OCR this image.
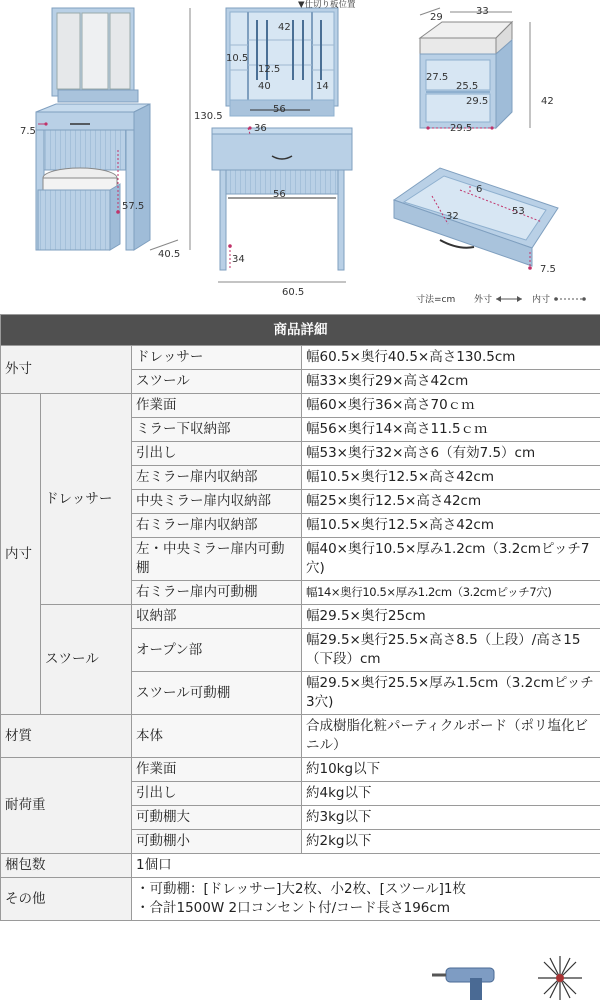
130.5
7.5
57.5
40.5
▼仕切り板位置
42
10.5
12.5
40	14
56
36
56
34
60.5
29
33
27.5
25.5
29.5
29.5
42
6
32	53
7.5
寸法=cm 外寸	内寸
商品詳細			
外寸		ドレッサー	幅60.5×奥行40.5×高さ130.5cm
		スツール	幅33×奥行29×高さ42cm
内寸	ドレッサー	作業面	幅60×奥行36×高さ70ｃｍ
		ミラー下収納部	幅56×奥行14×高さ11.5ｃｍ
		引出し	幅53×奥行32×高さ6（有効7.5）cm
		左ミラー扉内収納部	幅10.5×奥行12.5×高さ42cm
		中央ミラー扉内収納部	幅25×奥行12.5×高さ42cm
		右ミラー扉内収納部	幅10.5×奥行12.5×高さ42cm
		左・中央ミラー扉内可動棚	幅40×奥行10.5×厚み1.2cm（3.2cmピッチ7穴)
		右ミラー扉内可動棚	幅14×奥行10.5×厚み1.2cm（3.2cmピッチ7穴)
	スツール	収納部	幅29.5×奥行25cm
		オープン部	幅29.5×奥行25.5×高さ8.5（上段）/高さ15（下段）cm
		スツール可動棚	幅29.5×奥行25.5×厚み1.5cm（3.2cmピッチ3穴)
材質		本体	合成樹脂化粧パーティクルボード（ポリ塩化ビニル）
耐荷重		作業面	約10kg以下
		引出し	約4kg以下
		可動棚大	約3kg以下
		可動棚小	約2kg以下
梱包数		1個口	
その他		・可動棚：[ドレッサー]大2枚、小2枚、[スツール]1枚
・合計1500W 2口コンセント付/コード長さ196cm	
